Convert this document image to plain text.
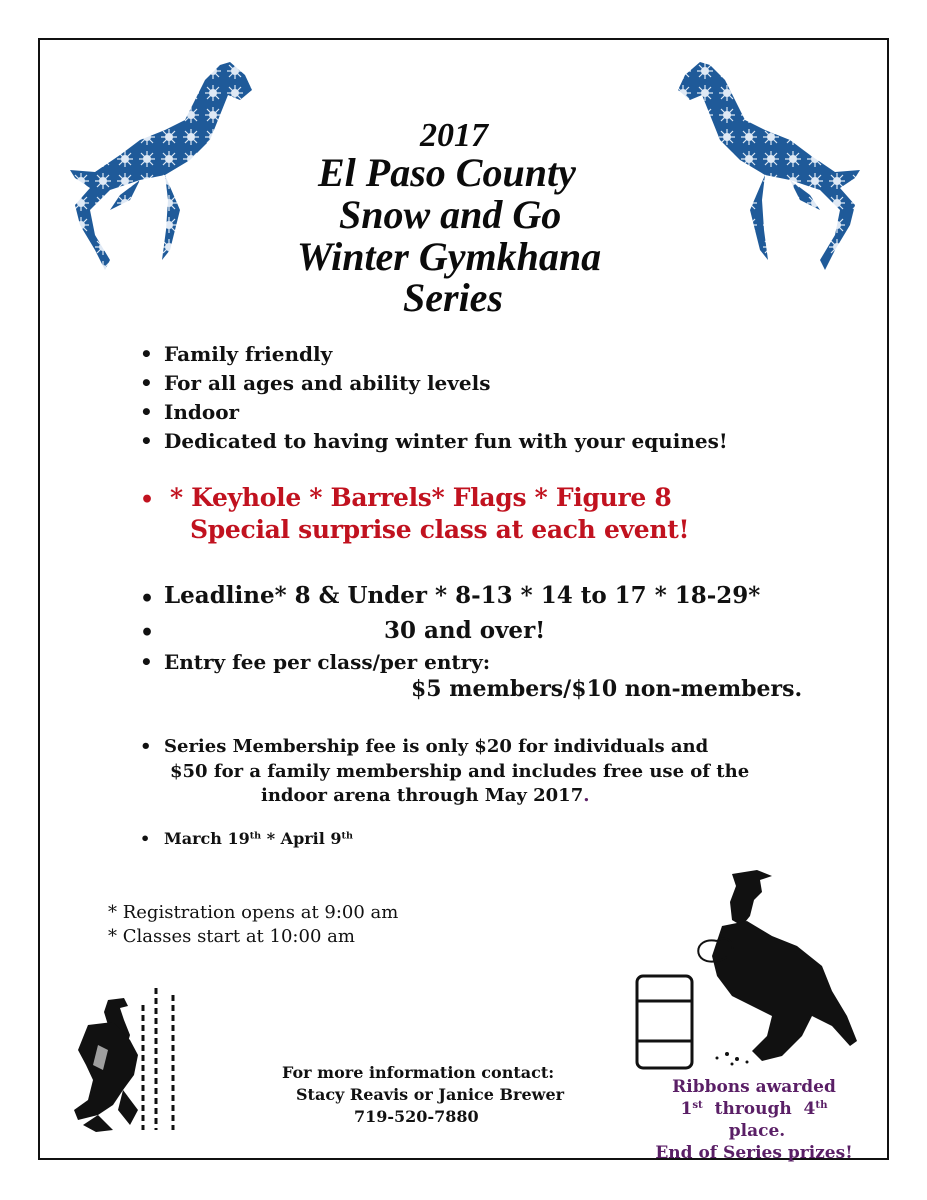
2017
El Paso County
Snow and Go
Winter Gymkhana
Series
• Family friendly
• For all ages and ability levels
• Indoor
• Dedicated to having winter fun with your equines!
• * Keyhole * Barrels* Flags * Figure 8
Special surprise class at each event!
• Leadline* 8 & Under * 8-13 * 14 to 17 * 18-29*
•	30 and over!
• Entry fee per class/per entry:
$5 members/$10 non-members.
• Series Membership fee is only $20 for individuals and
$50 for a family membership and includes free use of the
indoor arena through May 2017.
• March 19th * April 9th
* Registration opens at 9:00 am
* Classes start at 10:00 am
For more information contact:
Stacy Reavis or Janice Brewer
719-520-7880
Ribbons awarded
1st  through  4th place.
End of Series prizes!
